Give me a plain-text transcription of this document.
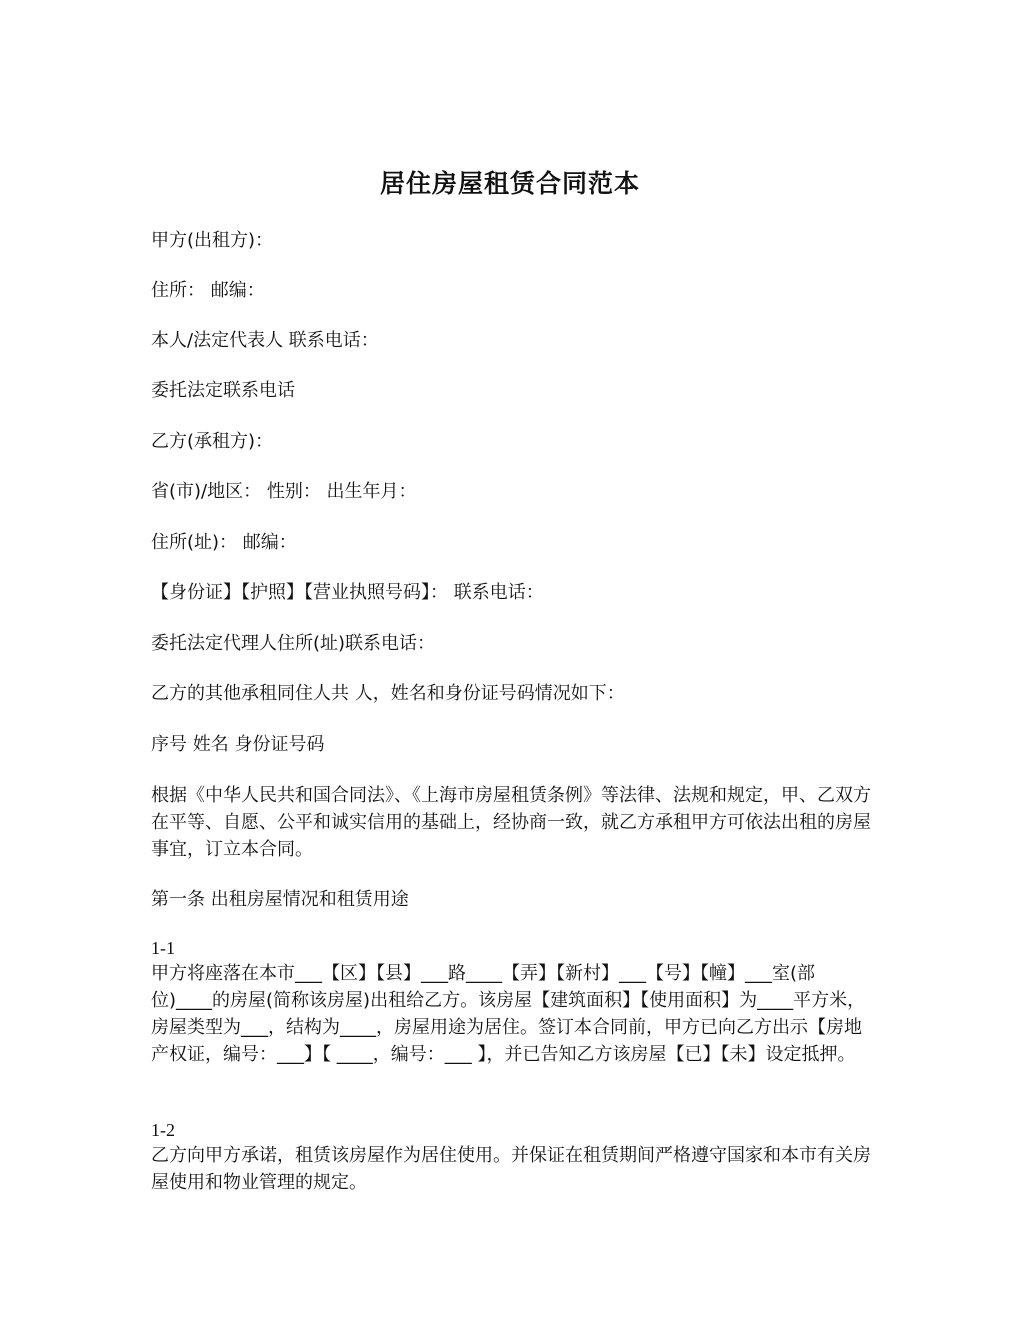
居住房屋租赁合同范本

甲方(出租方)：

住所： 邮编：

本人/法定代表人 联系电话：

委托法定联系电话

乙方(承租方)：

省(市)/地区： 性别： 出生年月：

住所(址)： 邮编：

【身份证】【护照】【营业执照号码】： 联系电话：

委托法定代理人住所(址)联系电话：

乙方的其他承租同住人共 人，姓名和身份证号码情况如下：

序号 姓名 身份证号码

根据《中华人民共和国合同法》、《上海市房屋租赁条例》等法律、法规和规定，甲、乙双方在平等、自愿、公平和诚实信用的基础上，经协商一致，就乙方承租甲方可依法出租的房屋事宜，订立本合同。

第一条 出租房屋情况和租赁用途

1-1
甲方将座落在本市___【区】【县】___路____【弄】【新村】___【号】【幢】___室(部位)____的房屋(简称该房屋)出租给乙方。该房屋【建筑面积】【使用面积】为____平方米，房屋类型为___，结构为____，房屋用途为居住。签订本合同前，甲方已向乙方出示【房地产权证，编号：___】【 ____，编号：___ 】，并已告知乙方该房屋【已】【未】设定抵押。
1-2
乙方向甲方承诺，租赁该房屋作为居住使用。并保证在租赁期间严格遵守国家和本市有关房屋使用和物业管理的规定。
